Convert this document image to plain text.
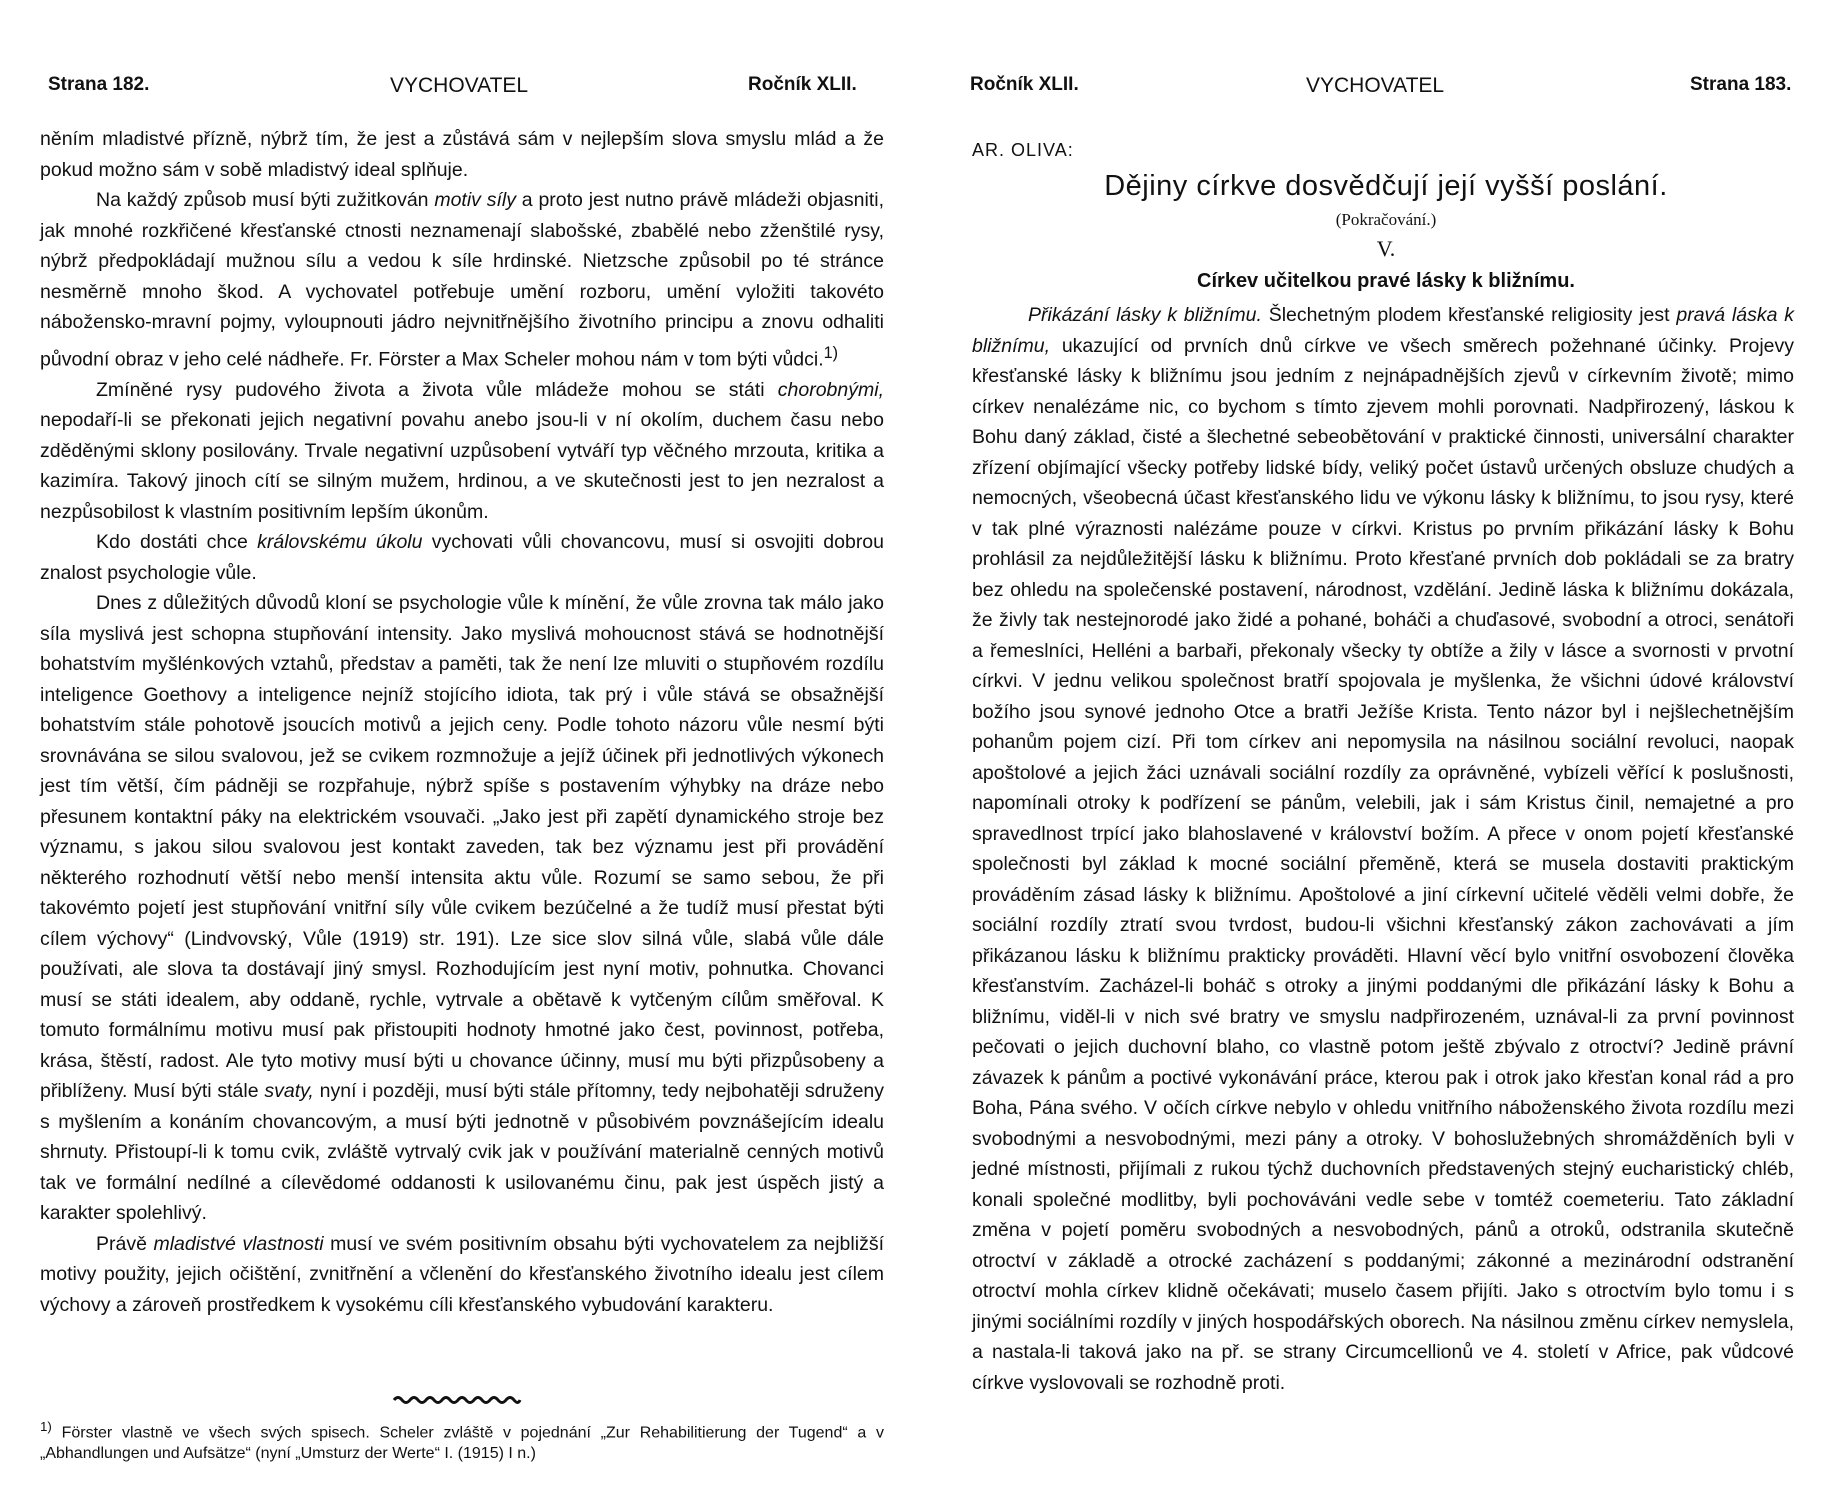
Strana 182.	VYCHOVATEL	Ročník XLII.

něním mladistvé přízně, nýbrž tím, že jest a zůstává sám v nejlepším slova smyslu mlád a že pokud možno sám v sobě mladistvý ideal splňuje.

Na každý způsob musí býti zužitkován motiv síly a proto jest nutno právě mládeži objasniti, jak mnohé rozkřičené křesťanské ctnosti neznamenají slabošské, zbabělé nebo zženštilé rysy, nýbrž předpokládají mužnou sílu a vedou k síle hrdinské. Nietzsche způsobil po té stránce nesměrně mnoho škod. A vychovatel potřebuje umění rozboru, umění vyložiti takovéto nábožensko-mravní pojmy, vyloupnouti jádro nejvnitřnějšího životního principu a znovu odhaliti původní obraz v jeho celé nádheře. Fr. Förster a Max Scheler mohou nám v tom býti vůdci.$^{1)}$

Zmíněné rysy pudového života a života vůle mládeže mohou se státi chorobnými, nepodaří-li se překonati jejich negativní povahu anebo jsou-li v ní okolím, duchem času nebo zděděnými sklony posilovány. Trvale negativní uzpůsobení vytváří typ věčného mrzouta, kritika a kazimíra. Takový jinoch cítí se silným mužem, hrdinou, a ve skutečnosti jest to jen nezralost a nezpůsobilost k vlastním positivním lepším úkonům.

Kdo dostáti chce královskému úkolu vychovati vůli chovancovu, musí si osvojiti dobrou znalost psychologie vůle.

Dnes z důležitých důvodů kloní se psychologie vůle k mínění, že vůle zrovna tak málo jako síla myslivá jest schopna stupňování intensity. Jako myslivá mohoucnost stává se hodnotnější bohatstvím myšlénkových vztahů, představ a paměti, tak že není lze mluviti o stupňovém rozdílu inteligence Goethovy a inteligence nejníž stojícího idiota, tak prý i vůle stává se obsažnější bohatstvím stále pohotově jsoucích motivů a jejich ceny. Podle tohoto názoru vůle nesmí býti srovnávána se silou svalovou, jež se cvikem rozmnožuje a jejíž účinek při jednotlivých výkonech jest tím větší, čím pádněji se rozpřahuje, nýbrž spíše s postavením výhybky na dráze nebo přesunem kontaktní páky na elektrickém vsouvači. „Jako jest při zapětí dynamického stroje bez významu, s jakou silou svalovou jest kontakt zaveden, tak bez významu jest při provádění některého rozhodnutí větší nebo menší intensita aktu vůle. Rozumí se samo sebou, že při takovémto pojetí jest stupňování vnitřní síly vůle cvikem bezúčelné a že tudíž musí přestat býti cílem výchovy“ (Lindvovský, Vůle (1919) str. 191). Lze sice slov silná vůle, slabá vůle dále používati, ale slova ta dostávají jiný smysl. Rozhodujícím jest nyní motiv, pohnutka. Chovanci musí se státi idealem, aby oddaně, rychle, vytrvale a obětavě k vytčeným cílům směřoval. K tomuto formálnímu motivu musí pak přistoupiti hodnoty hmotné jako čest, povinnost, potřeba, krása, štěstí, radost. Ale tyto motivy musí býti u chovance účinny, musí mu býti přizpůsobeny a přiblíženy. Musí býti stále svaty, nyní i později, musí býti stále přítomny, tedy nejbohatěji sdruženy s myšlením a konáním chovancovým, a musí býti jednotně v působivém povznášejícím idealu shrnuty. Přistoupí-li k tomu cvik, zvláště vytrvalý cvik jak v používání materialně cenných motivů tak ve formální nedílné a cílevědomé oddanosti k usilovanému činu, pak jest úspěch jistý a karakter spolehlivý.

Právě mladistvé vlastnosti musí ve svém positivním obsahu býti vychovatelem za nejbližší motivy použity, jejich očištění, zvnitřnění a včlenění do křesťanského životního idealu jest cílem výchovy a zároveň prostředkem k vysokému cíli křesťanského vybudování karakteru.

$^{1)}$ Förster vlastně ve všech svých spisech. Scheler zvláště v pojednání „Zur Rehabilitierung der Tugend“ a v „Abhandlungen und Aufsätze“ (nyní „Umsturz der Werte“ I. (1915) I n.)
Ročník XLII.	VYCHOVATEL	Strana 183.
AR. OLIVA:
Dějiny církve dosvědčují její vyšší poslání.
(Pokračování.)
V.
Církev učitelkou pravé lásky k bližnímu.

Přikázání lásky k bližnímu. Šlechetným plodem křesťanské religiosity jest pravá láska k bližnímu, ukazující od prvních dnů církve ve všech směrech požehnané účinky. Projevy křesťanské lásky k bližnímu jsou jedním z nejnápadnějších zjevů v církevním životě; mimo církev nenalézáme nic, co bychom s tímto zjevem mohli porovnati. Nadpřirozený, láskou k Bohu daný základ, čisté a šlechetné sebeobětování v praktické činnosti, universální charakter zřízení objímající všecky potřeby lidské bídy, veliký počet ústavů určených obsluze chudých a nemocných, všeobecná účast křesťanského lidu ve výkonu lásky k bližnímu, to jsou rysy, které v tak plné výraznosti nalézáme pouze v církvi. Kristus po prvním přikázání lásky k Bohu prohlásil za nejdůležitější lásku k bližnímu. Proto křesťané prvních dob pokládali se za bratry bez ohledu na společenské postavení, národnost, vzdělání. Jedině láska k bližnímu dokázala, že živly tak nestejnorodé jako židé a pohané, boháči a chuďasové, svobodní a otroci, senátoři a řemeslníci, Helléni a barbaři, překonaly všecky ty obtíže a žily v lásce a svornosti v prvotní církvi. V jednu velikou společnost bratří spojovala je myšlenka, že všichni údové království božího jsou synové jednoho Otce a bratři Ježíše Krista. Tento názor byl i nejšlechetnějším pohanům pojem cizí. Při tom církev ani nepomysila na násilnou sociální revoluci, naopak apoštolové a jejich žáci uznávali sociální rozdíly za oprávněné, vybízeli věřící k poslušnosti, napomínali otroky k podřízení se pánům, velebili, jak i sám Kristus činil, nemajetné a pro spravedlnost trpící jako blahoslavené v království božím. A přece v onom pojetí křesťanské společnosti byl základ k mocné sociální přeměně, která se musela dostaviti praktickým prováděním zásad lásky k bližnímu. Apoštolové a jiní církevní učitelé věděli velmi dobře, že sociální rozdíly ztratí svou tvrdost, budou-li všichni křesťanský zákon zachovávati a jím přikázanou lásku k bližnímu prakticky prováděti. Hlavní věcí bylo vnitřní osvobození člověka křesťanstvím. Zacházel-li boháč s otroky a jinými poddanými dle přikázání lásky k Bohu a bližnímu, viděl-li v nich své bratry ve smyslu nadpřirozeném, uznával-li za první povinnost pečovati o jejich duchovní blaho, co vlastně potom ještě zbývalo z otroctví? Jedině právní závazek k pánům a poctivé vykonávání práce, kterou pak i otrok jako křesťan konal rád a pro Boha, Pána svého. V očích církve nebylo v ohledu vnitřního náboženského života rozdílu mezi svobodnými a nesvobodnými, mezi pány a otroky. V bohoslužebných shromážděních byli v jedné místnosti, přijímali z rukou týchž duchovních představených stejný eucharistický chléb, konali společné modlitby, byli pochováváni vedle sebe v tomtéž coemeteriu. Tato základní změna v pojetí poměru svobodných a nesvobodných, pánů a otroků, odstranila skutečně otroctví v základě a otrocké zacházení s poddanými; zákonné a mezinárodní odstranění otroctví mohla církev klidně očekávati; muselo časem přijíti. Jako s otroctvím bylo tomu i s jinými sociálními rozdíly v jiných hospodářských oborech. Na násilnou změnu církev nemyslela, a nastala-li taková jako na př. se strany Circumcellionů ve 4. století v Africe, pak vůdcové církve vyslovovali se rozhodně proti.
